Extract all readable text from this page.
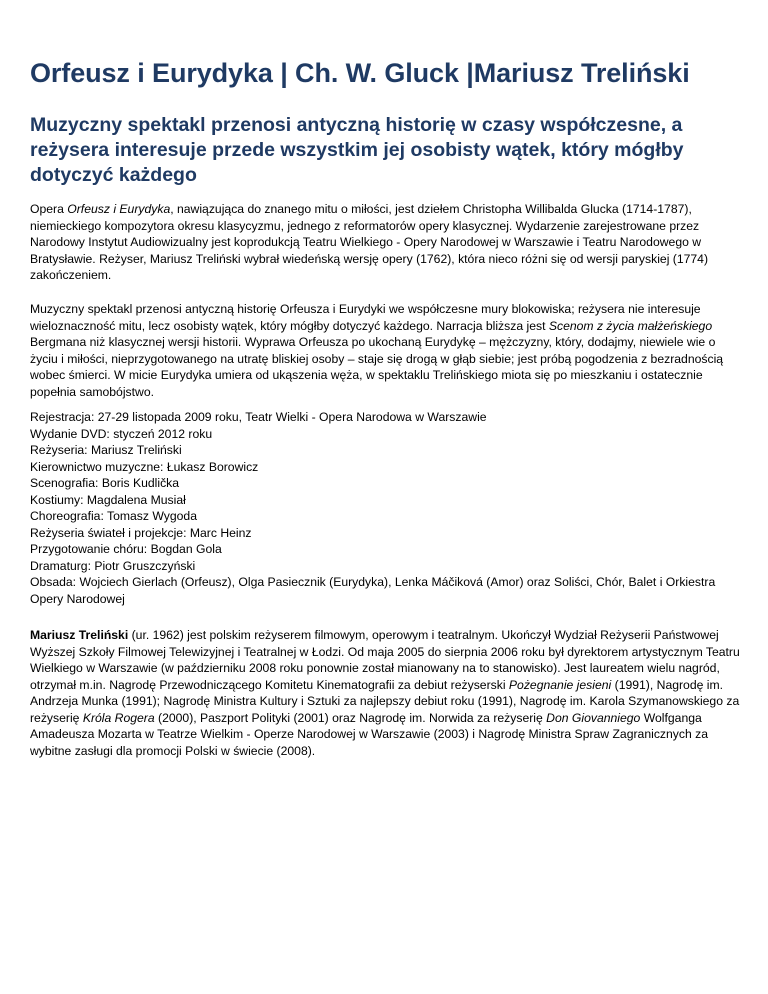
Orfeusz i Eurydyka | Ch. W. Gluck |Mariusz Treliński
Muzyczny spektakl przenosi antyczną historię w czasy współczesne, a reżysera interesuje przede wszystkim jej osobisty wątek, który mógłby dotyczyć każdego

Opera Orfeusz i Eurydyka, nawiązująca do znanego mitu o miłości, jest dziełem Christopha Willibalda Glucka (1714-1787), niemieckiego kompozytora okresu klasycyzmu, jednego z reformatorów opery klasycznej. Wydarzenie zarejestrowane przez Narodowy Instytut Audiowizualny jest koprodukcją Teatru Wielkiego - Opery Narodowej w Warszawie i Teatru Narodowego w Bratysławie. Reżyser, Mariusz Treliński wybrał wiedeńską wersję opery (1762), która nieco różni się od wersji paryskiej (1774) zakończeniem.

Muzyczny spektakl przenosi antyczną historię Orfeusza i Eurydyki we współczesne mury blokowiska; reżysera nie interesuje wieloznaczność mitu, lecz osobisty wątek, który mógłby dotyczyć każdego. Narracja bliższa jest Scenom z życia małżeńskiego Bergmana niż klasycznej wersji historii. Wyprawa Orfeusza po ukochaną Eurydykę – mężczyzny, który, dodajmy, niewiele wie o życiu i miłości, nieprzygotowanego na utratę bliskiej osoby – staje się drogą w głąb siebie; jest próbą pogodzenia z bezradnością wobec śmierci. W micie Eurydyka umiera od ukąszenia węża, w spektaklu Trelińskiego miota się po mieszkaniu i ostatecznie popełnia samobójstwo.

Rejestracja: 27-29 listopada 2009 roku, Teatr Wielki - Opera Narodowa w Warszawie
Wydanie DVD: styczeń 2012 roku
Reżyseria: Mariusz Treliński
Kierownictwo muzyczne: Łukasz Borowicz
Scenografia: Boris Kudlička
Kostiumy: Magdalena Musiał
Choreografia: Tomasz Wygoda
Reżyseria świateł i projekcje: Marc Heinz
Przygotowanie chóru: Bogdan Gola
Dramaturg: Piotr Gruszczyński
Obsada: Wojciech Gierlach (Orfeusz), Olga Pasiecznik (Eurydyka), Lenka Máčiková (Amor) oraz Soliści, Chór, Balet i Orkiestra Opery Narodowej

Mariusz Treliński (ur. 1962) jest polskim reżyserem filmowym, operowym i teatralnym. Ukończył Wydział Reżyserii Państwowej Wyższej Szkoły Filmowej Telewizyjnej i Teatralnej w Łodzi. Od maja 2005 do sierpnia 2006 roku był dyrektorem artystycznym Teatru Wielkiego w Warszawie (w październiku 2008 roku ponownie został mianowany na to stanowisko). Jest laureatem wielu nagród, otrzymał m.in. Nagrodę Przewodniczącego Komitetu Kinematografii za debiut reżyserski Pożegnanie jesieni (1991), Nagrodę im. Andrzeja Munka (1991); Nagrodę Ministra Kultury i Sztuki za najlepszy debiut roku (1991), Nagrodę im. Karola Szymanowskiego za reżyserię Króla Rogera (2000), Paszport Polityki (2001) oraz Nagrodę im. Norwida za reżyserię Don Giovanniego Wolfganga Amadeusza Mozarta w Teatrze Wielkim - Operze Narodowej w Warszawie (2003) i Nagrodę Ministra Spraw Zagranicznych za wybitne zasługi dla promocji Polski w świecie (2008).
